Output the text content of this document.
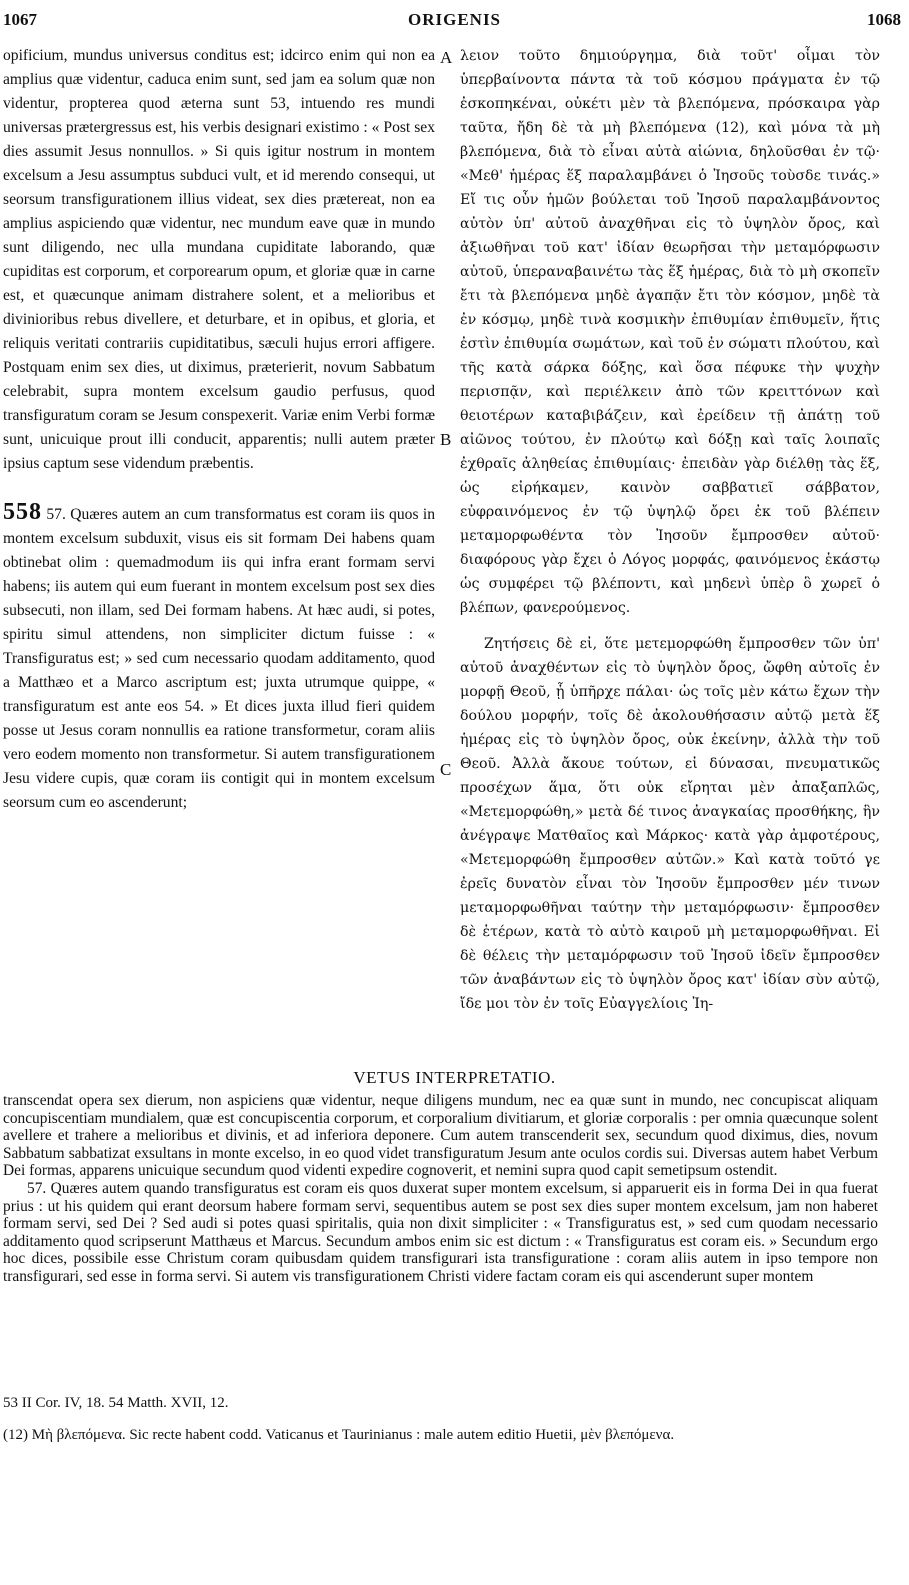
1067	ORIGENIS	1068

opificium, mundus universus conditus est; idcirco enim qui non ea amplius quæ videntur, caduca enim sunt, sed jam ea solum quæ non videntur, propterea quod æterna sunt 53, intuendo res mundi universas prætergressus est, his verbis designari existimo : « Post sex dies assumit Jesus nonnullos. » Si quis igitur nostrum in montem excelsum a Jesu assumptus subduci vult, et id merendo consequi, ut seorsum transfigurationem illius videat, sex dies prætereat, non ea amplius aspiciendo quæ videntur, nec mundum eave quæ in mundo sunt diligendo, nec ulla mundana cupiditate laborando, quæ cupiditas est corporum, et corporearum opum, et gloriæ quæ in carne est, et quæcunque animam distrahere solent, et a melioribus et divinioribus rebus divellere, et deturbare, et in opibus, et gloria, et reliquis veritati contrariis cupiditatibus, sæculi hujus errori affigere. Postquam enim sex dies, ut diximus, præterierit, novum Sabbatum celebrabit, supra montem excelsum gaudio perfusus, quod transfiguratum coram se Jesum conspexerit. Variæ enim Verbi formæ sunt, unicuique prout illi conducit, apparentis; nulli autem præter ipsius captum sese videndum præbentis.

558 57. Quæres autem an cum transformatus est coram iis quos in montem excelsum subduxit, visus eis sit formam Dei habens quam obtinebat olim : quemadmodum iis qui infra erant formam servi habens; iis autem qui eum fuerant in montem excelsum post sex dies subsecuti, non illam, sed Dei formam habens. At hæc audi, si potes, spiritu simul attendens, non simpliciter dictum fuisse : « Transfiguratus est; » sed cum necessario quodam additamento, quod a Matthæo et a Marco ascriptum est; juxta utrumque quippe, « transfiguratum est ante eos 54. » Et dices juxta illud fieri quidem posse ut Jesus coram nonnullis ea ratione transformetur, coram aliis vero eodem momento non transformetur. Si autem transfigurationem Jesu videre cupis, quæ coram iis contigit qui in montem excelsum seorsum cum eo ascenderunt;

A
B
C

λειον τοῦτο δημιούργημα, διὰ τοῦτ' οἶμαι τὸν ὑπερβαίνοντα πάντα τὰ τοῦ κόσμου πράγματα ἐν τῷ ἐσκοπηκέναι, οὐκέτι μὲν τὰ βλεπόμενα, πρόσκαιρα γὰρ ταῦτα, ἤδη δὲ τὰ μὴ βλεπόμενα (12), καὶ μόνα τὰ μὴ βλεπόμενα, διὰ τὸ εἶναι αὐτὰ αἰώνια, δηλοῦσθαι ἐν τῷ· «Μεθ' ἡμέρας ἕξ παραλαμβάνει ὁ Ἰησοῦς τοὺσδε τινάς.» Εἴ τις οὖν ἡμῶν βούλεται τοῦ Ἰησοῦ παραλαμβάνοντος αὐτὸν ὑπ' αὐτοῦ ἀναχθῆναι εἰς τὸ ὑψηλὸν ὄρος, καὶ ἀξιωθῆναι τοῦ κατ' ἰδίαν θεωρῆσαι τὴν μεταμόρφωσιν αὐτοῦ, ὑπεραναβαινέτω τὰς ἕξ ἡμέρας, διὰ τὸ μὴ σκοπεῖν ἔτι τὰ βλεπόμενα μηδὲ ἀγαπᾷν ἔτι τὸν κόσμον, μηδὲ τὰ ἐν κόσμῳ, μηδὲ τινὰ κοσμικὴν ἐπιθυμίαν ἐπιθυμεῖν, ἥτις ἐστὶν ἐπιθυμία σωμάτων, καὶ τοῦ ἐν σώματι πλούτου, καὶ τῆς κατὰ σάρκα δόξης, καὶ ὅσα πέφυκε τὴν ψυχὴν περισπᾷν, καὶ περιέλκειν ἀπὸ τῶν κρειττόνων καὶ θειοτέρων καταβιβάζειν, καὶ ἐρείδειν τῇ ἀπάτῃ τοῦ αἰῶνος τούτου, ἐν πλούτῳ καὶ δόξῃ καὶ ταῖς λοιπαῖς ἐχθραῖς ἀληθείας ἐπιθυμίαις· ἐπειδὰν γὰρ διέλθῃ τὰς ἕξ, ὡς εἰρήκαμεν, καινὸν σαββατιεῖ σάββατον, εὐφραινόμενος ἐν τῷ ὑψηλῷ ὄρει ἐκ τοῦ βλέπειν μεταμορφωθέντα τὸν Ἰησοῦν ἔμπροσθεν αὐτοῦ· διαφόρους γὰρ ἔχει ὁ Λόγος μορφάς, φαινόμενος ἑκάστῳ ὡς συμφέρει τῷ βλέποντι, καὶ μηδενὶ ὑπὲρ ὃ χωρεῖ ὁ βλέπων, φανερούμενος.

Ζητήσεις δὲ εἰ, ὅτε μετεμορφώθη ἔμπροσθεν τῶν ὑπ' αὐτοῦ ἀναχθέντων εἰς τὸ ὑψηλὸν ὄρος, ὤφθη αὐτοῖς ἐν μορφῇ Θεοῦ, ᾗ ὑπῆρχε πάλαι· ὡς τοῖς μὲν κάτω ἔχων τὴν δούλου μορφήν, τοῖς δὲ ἀκολουθήσασιν αὐτῷ μετὰ ἕξ ἡμέρας εἰς τὸ ὑψηλὸν ὄρος, οὐκ ἐκείνην, ἀλλὰ τὴν τοῦ Θεοῦ. Ἀλλὰ ἄκουε τούτων, εἰ δύνασαι, πνευματικῶς προσέχων ἅμα, ὅτι οὐκ εἴρηται μὲν ἀπαξαπλῶς, «Μετεμορφώθη,» μετὰ δέ τινος ἀναγκαίας προσθήκης, ἣν ἀνέγραψε Ματθαῖος καὶ Μάρκος· κατὰ γὰρ ἀμφοτέρους, «Μετεμορφώθη ἔμπροσθεν αὐτῶν.» Καὶ κατὰ τοῦτό γε ἐρεῖς δυνατὸν εἶναι τὸν Ἰησοῦν ἔμπροσθεν μέν τινων μεταμορφωθῆναι ταύτην τὴν μεταμόρφωσιν· ἔμπροσθεν δὲ ἑτέρων, κατὰ τὸ αὐτὸ καιροῦ μὴ μεταμορφωθῆναι. Εἰ δὲ θέλεις τὴν μεταμόρφωσιν τοῦ Ἰησοῦ ἰδεῖν ἔμπροσθεν τῶν ἀναβάντων εἰς τὸ ὑψηλὸν ὄρος κατ' ἰδίαν σὺν αὐτῷ, ἴδε μοι τὸν ἐν τοῖς Εὐαγγελίοις Ἰη-

VETUS INTERPRETATIO.

transcendat opera sex dierum, non aspiciens quæ videntur, neque diligens mundum, nec ea quæ sunt in mundo, nec concupiscat aliquam concupiscentiam mundialem, quæ est concupiscentia corporum, et corporalium divitiarum, et gloriæ corporalis : per omnia quæcunque solent avellere et trahere a melioribus et divinis, et ad inferiora deponere. Cum autem transcenderit sex, secundum quod diximus, dies, novum Sabbatum sabbatizat exsultans in monte excelso, in eo quod videt transfiguratum Jesum ante oculos cordis sui. Diversas autem habet Verbum Dei formas, apparens unicuique secundum quod videnti expedire cognoverit, et nemini supra quod capit semetipsum ostendit.

57. Quæres autem quando transfiguratus est coram eis quos duxerat super montem excelsum, si apparuerit eis in forma Dei in qua fuerat prius : ut his quidem qui erant deorsum habere formam servi, sequentibus autem se post sex dies super montem excelsum, jam non haberet formam servi, sed Dei ? Sed audi si potes quasi spiritalis, quia non dixit simpliciter : « Transfiguratus est, » sed cum quodam necessario additamento quod scripserunt Matthæus et Marcus. Secundum ambos enim sic est dictum : « Transfiguratus est coram eis. » Secundum ergo hoc dices, possibile esse Christum coram quibusdam quidem transfigurari ista transfiguratione : coram aliis autem in ipso tempore non transfigurari, sed esse in forma servi. Si autem vis transfigurationem Christi videre factam coram eis qui ascenderunt super montem

53 II Cor. IV, 18. 54 Matth. XVII, 12.
(12) Μὴ βλεπόμενα. Sic recte habent codd. Vaticanus et Taurinianus : male autem editio Huetii, μὲν βλεπόμενα.
